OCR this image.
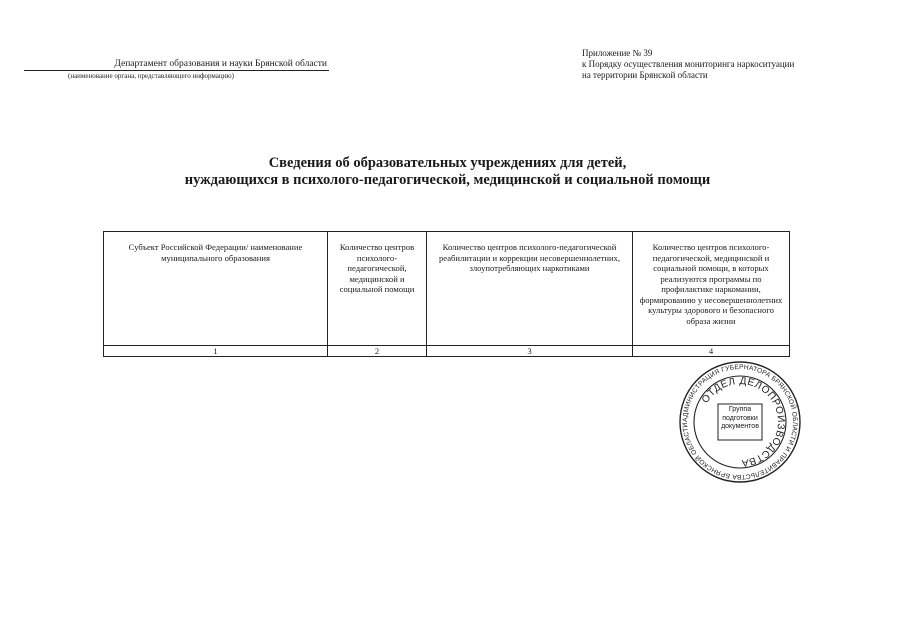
Департамент образования и науки Брянской области
(наименование органа, представляющего информацию)
Приложение № 39
к Порядку осуществления мониторинга наркоситуации
на территории Брянской области
Сведения об образовательных учреждениях для детей,
нуждающихся в психолого-педагогической, медицинской и социальной помощи
Субъект Российской Федерации/ наименование муниципального образования	Количество центров психолого-педагогической, медицинской и социальной помощи	Количество центров психолого-педагогической реабилитации и коррекции несовершеннолетних, злоупотребляющих наркотиками	Количество центров психолого-педагогической, медицинской и социальной помощи, в которых реализуются программы по профилактике наркомании, формированию у несовершеннолетних культуры здорового и безопасного образа жизни
1	2	3	4
АДМИНИСТРАЦИЯ ГУБЕРНАТОРА БРЯНСКОЙ ОБЛАСТИ И ПРАВИТЕЛЬСТВА БРЯНСКОЙ ОБЛАСТИ
ОТДЕЛ ДЕЛОПРОИЗВОДСТВА
Группа
подготовки
документов
